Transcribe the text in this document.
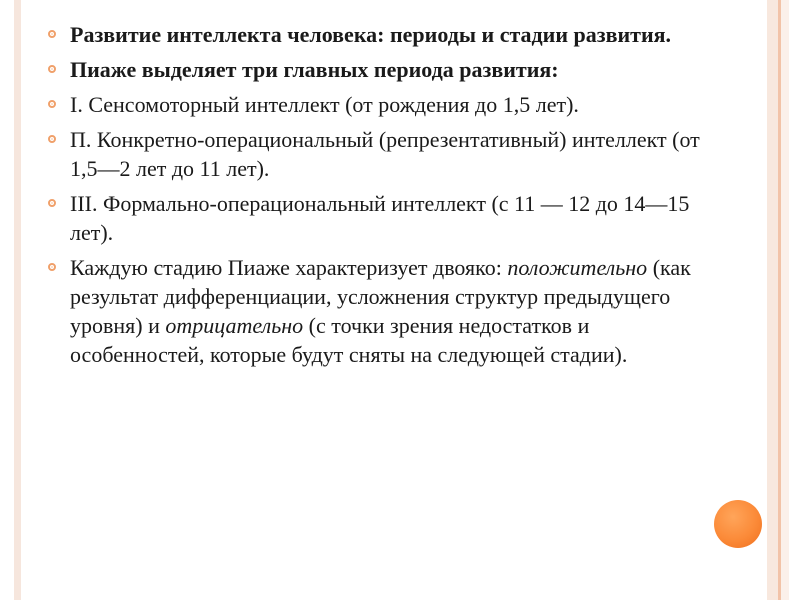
Развитие интеллекта человека: периоды и стадии развития.
Пиаже выделяет три главных периода развития:
I. Сенсомоторный интеллект (от рождения до 1,5 лет).
П. Конкретно-операциональный (репрезентативный) интеллект (от 1,5—2 лет до 11 лет).
III. Формально-операциональный интеллект (с 11 — 12 до 14—15 лет).
Каждую стадию Пиаже характеризует двояко: положительно (как результат дифференциации, усложнения структур предыдущего уровня) и отрицательно (с точки зрения недостатков и особенностей, которые будут сняты на следующей стадии).
